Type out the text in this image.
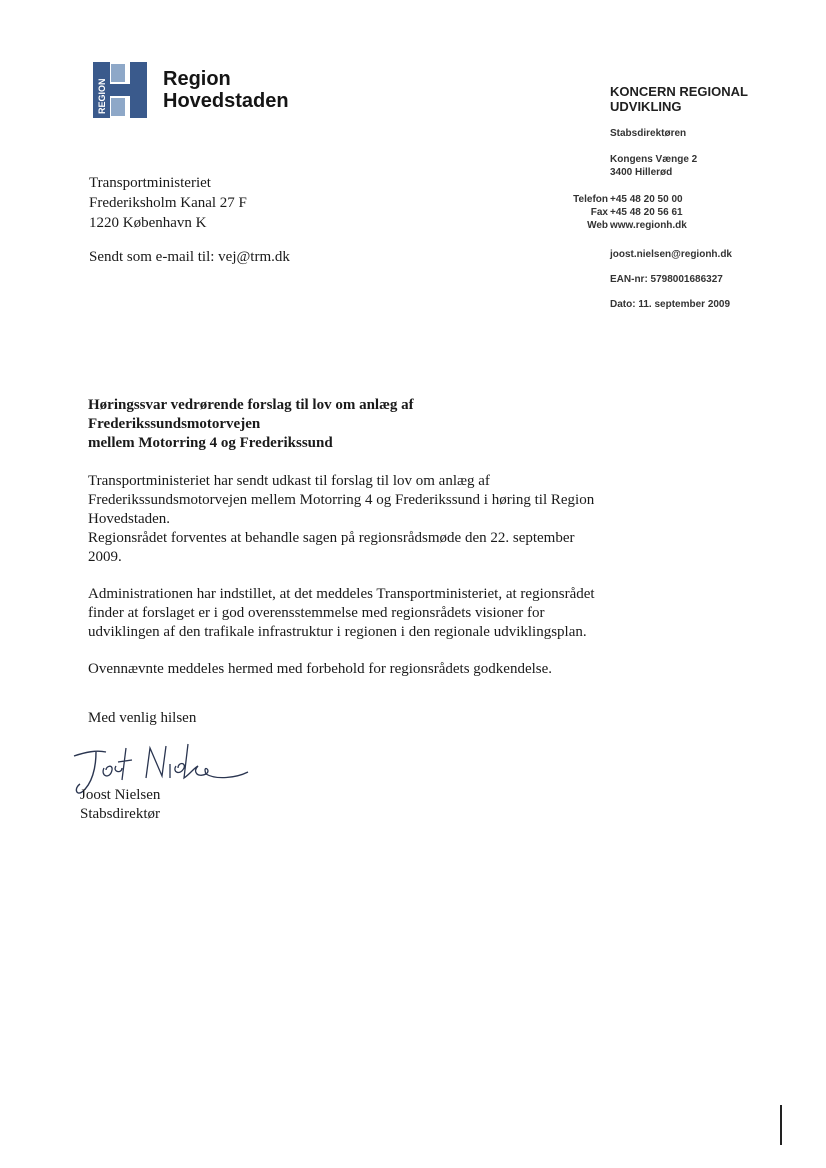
REGION	Region
Hovedstaden	KONCERN REGIONAL UDVIKLING
Stabsdirektøren
Kongens Vænge 2
3400 Hillerød
Telefon
Fax
Web
+45 48 20 50 00
+45 48 20 56 61
www.regionh.dk
joost.nielsen@regionh.dk
EAN-nr: 5798001686327
Dato: 11. september 2009
Transportministeriet
Frederiksholm Kanal 27 F
1220 København K
Sendt som e-mail til: vej@trm.dk
Høringssvar vedrørende forslag til lov om anlæg af Frederikssundsmotorvejen
mellem Motorring 4 og Frederikssund
Transportministeriet har sendt udkast til forslag til lov om anlæg af Frederikssundsmotorvejen mellem Motorring 4 og Frederikssund i høring til Region Hovedstaden.
Regionsrådet forventes at behandle sagen på regionsrådsmøde den 22. september 2009.
Administrationen har indstillet, at det meddeles Transportministeriet, at regionsrådet finder at forslaget er i god overensstemmelse med regionsrådets visioner for udviklingen af den trafikale infrastruktur i regionen i den regionale udviklingsplan.
Ovennævnte meddeles hermed med forbehold for regionsrådets godkendelse.
Med venlig hilsen
Joost Nielsen
Stabsdirektør
